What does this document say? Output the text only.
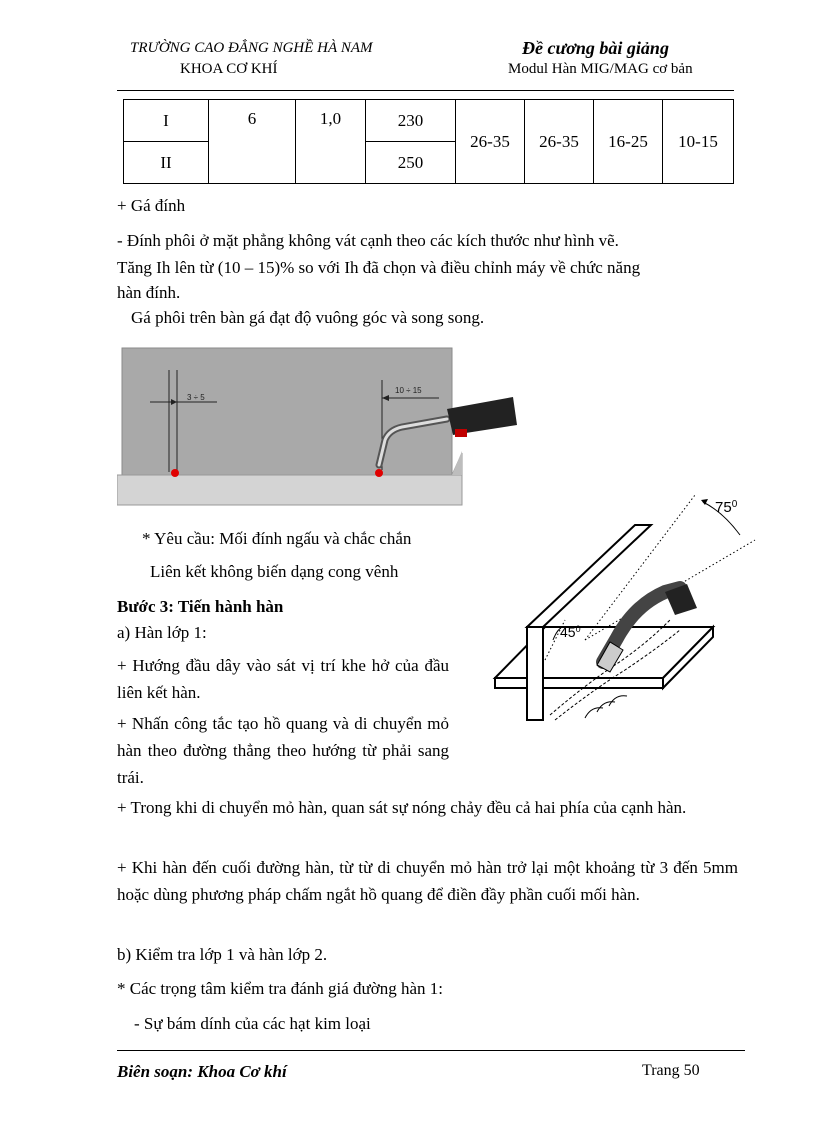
TRƯỜNG CAO ĐẲNG NGHỀ HÀ NAM
KHOA CƠ KHÍ
Đề cương bài giảng
Modul Hàn MIG/MAG cơ bản
I	6	1,0	230	26-35	26-35	16-25	10-15
II			250				
+ Gá đính
- Đính phôi ở mặt phẳng không vát cạnh theo các kích thước như hình vẽ.
Tăng Ih lên từ (10 – 15)% so với Ih đã chọn và điều chỉnh máy về chức năng
hàn đính.
Gá phôi trên bàn gá đạt độ vuông góc và song song.
3 ÷ 5
10 ÷ 15
* Yêu cầu: Mối đính ngấu và chắc chắn
Liên kết không biến dạng cong vênh
$75^0$
$45^0$
Bước 3: Tiến hành hàn
a) Hàn lớp 1:
+ Hướng đầu dây vào sát vị trí khe hở của đầu liên kết hàn.
+ Nhấn công tắc tạo hồ quang và di chuyển mỏ hàn theo đường thẳng theo hướng từ phải sang trái.
+ Trong khi di chuyển mỏ hàn, quan sát sự nóng chảy đều cả hai phía của cạnh hàn.
+ Khi hàn đến cuối đường hàn, từ từ di chuyển mỏ hàn trở lại một khoảng từ 3 đến 5mm hoặc dùng phương pháp chấm ngắt hồ quang để điền đầy phần cuối mối hàn.
b) Kiểm tra lớp 1 và hàn lớp 2.
* Các trọng tâm kiểm tra đánh giá đường hàn 1:
- Sự bám dính của các hạt kim loại
Biên soạn: Khoa Cơ khí	Trang 50
